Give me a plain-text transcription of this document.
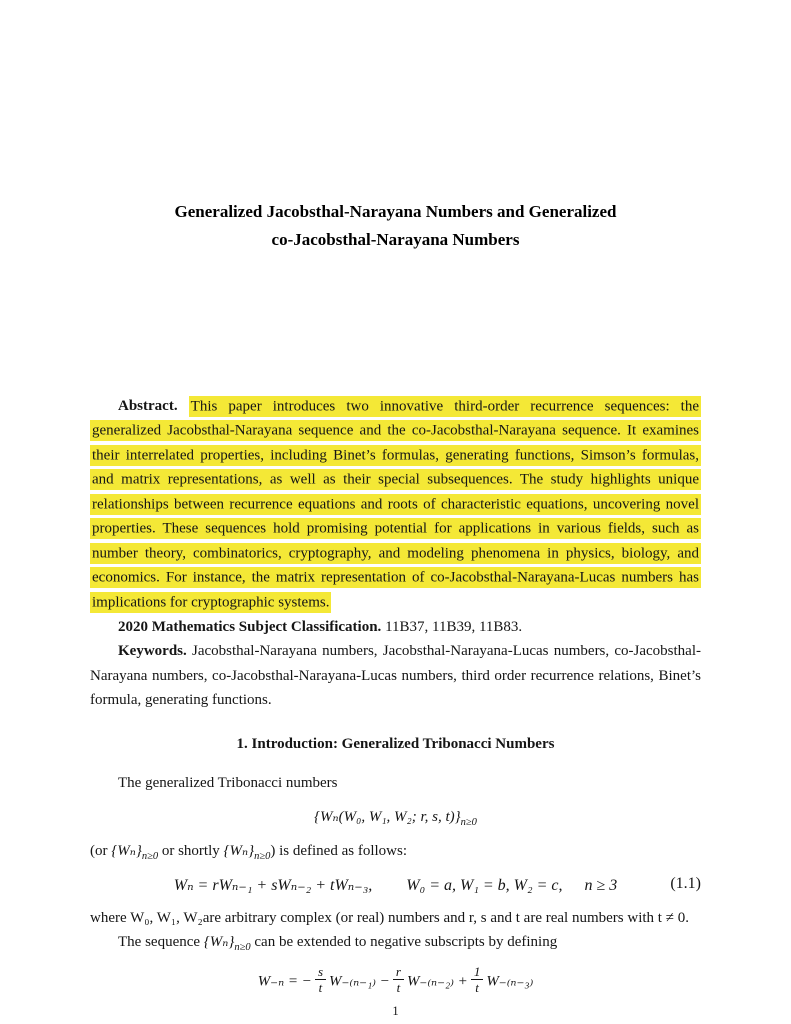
Generalized Jacobsthal-Narayana Numbers and Generalized
co-Jacobsthal-Narayana Numbers

Abstract. This paper introduces two innovative third-order recurrence sequences: the generalized Jacobsthal-Narayana sequence and the co-Jacobsthal-Narayana sequence. It examines their interrelated properties, including Binet’s formulas, generating functions, Simson’s formulas, and matrix representations, as well as their special subsequences. The study highlights unique relationships between recurrence equations and roots of characteristic equations, uncovering novel properties. These sequences hold promising potential for applications in various fields, such as number theory, combinatorics, cryptography, and modeling phenomena in physics, biology, and economics. For instance, the matrix representation of co-Jacobsthal-Narayana-Lucas numbers has implications for cryptographic systems.

2020 Mathematics Subject Classification. 11B37, 11B39, 11B83.

Keywords. Jacobsthal-Narayana numbers, Jacobsthal-Narayana-Lucas numbers, co-Jacobsthal-Narayana numbers, co-Jacobsthal-Narayana-Lucas numbers, third order recurrence relations, Binet’s formula, generating functions.

1. Introduction: Generalized Tribonacci Numbers

The generalized Tribonacci numbers

{Wₙ(W₀, W₁, W₂; r, s, $t)\}_{n\ge 0}$

(or $\{W_n\}_{n\ge 0}$ or shortly $\{W_n\}_{n\ge 0}$) is defined as follows:

Wₙ = rWₙ₋₁ + sWₙ₋₂ + tWₙ₋₃, W₀ = a, W₁ = b, W₂ = c, n ≥ 3	(1.1)

where W₀, W₁, W₂are arbitrary complex (or real) numbers and r, s and t are real numbers with t ≠ 0.

The sequence $\{W_n\}_{n\ge 0}$ can be extended to negative subscripts by defining

W₋ₙ = − $\frac{s}{t} W_{-(n-1)} - \frac{r}{t} W_{-(n-2)} + \frac{1}{t} W_{-(n-3)}$
1
